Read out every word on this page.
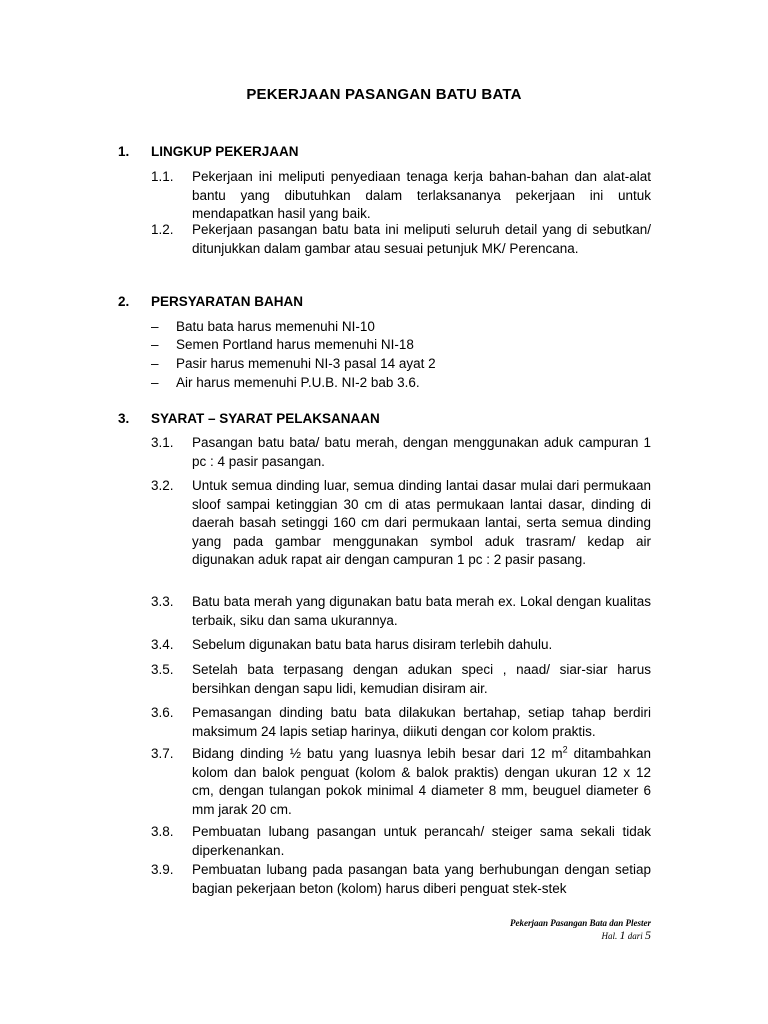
PEKERJAAN PASANGAN BATU BATA
1. LINGKUP PEKERJAAN
1.1. Pekerjaan ini meliputi penyediaan tenaga kerja bahan-bahan dan alat-alat bantu yang dibutuhkan dalam terlaksananya pekerjaan ini untuk mendapatkan hasil yang baik.
1.2. Pekerjaan pasangan batu bata ini meliputi seluruh detail yang di sebutkan/ ditunjukkan dalam gambar atau sesuai petunjuk MK/ Perencana.
2. PERSYARATAN BAHAN
– Batu bata harus memenuhi NI-10
– Semen Portland harus memenuhi NI-18
– Pasir harus memenuhi NI-3 pasal 14 ayat 2
– Air harus memenuhi P.U.B. NI-2 bab 3.6.
3. SYARAT – SYARAT PELAKSANAAN
3.1. Pasangan batu bata/ batu merah, dengan menggunakan aduk campuran 1 pc : 4 pasir pasangan.
3.2. Untuk semua dinding luar, semua dinding lantai dasar mulai dari permukaan sloof sampai ketinggian 30 cm di atas permukaan lantai dasar, dinding di daerah basah setinggi 160 cm dari permukaan lantai, serta semua dinding yang pada gambar menggunakan symbol aduk trasram/ kedap air digunakan aduk rapat air dengan campuran 1 pc : 2 pasir pasang.
3.3. Batu bata merah yang digunakan batu bata merah ex. Lokal dengan kualitas terbaik, siku dan sama ukurannya.
3.4. Sebelum digunakan batu bata harus disiram terlebih dahulu.
3.5. Setelah bata terpasang dengan adukan speci , naad/ siar-siar harus bersihkan dengan sapu lidi, kemudian disiram air.
3.6. Pemasangan dinding batu bata dilakukan bertahap, setiap tahap berdiri maksimum 24 lapis setiap harinya, diikuti dengan cor kolom praktis.
3.7. Bidang dinding ½ batu yang luasnya lebih besar dari 12 $m^2$ ditambahkan kolom dan balok penguat (kolom & balok praktis) dengan ukuran 12 x 12 cm, dengan tulangan pokok minimal 4 diameter 8 mm, beuguel diameter 6 mm jarak 20 cm.
3.8. Pembuatan lubang pasangan untuk perancah/ steiger sama sekali tidak diperkenankan.
3.9. Pembuatan lubang pada pasangan bata yang berhubungan dengan setiap bagian pekerjaan beton (kolom) harus diberi penguat stek-stek
Pekerjaan Pasangan Bata dan Plester
Hal. 1 dari 5
